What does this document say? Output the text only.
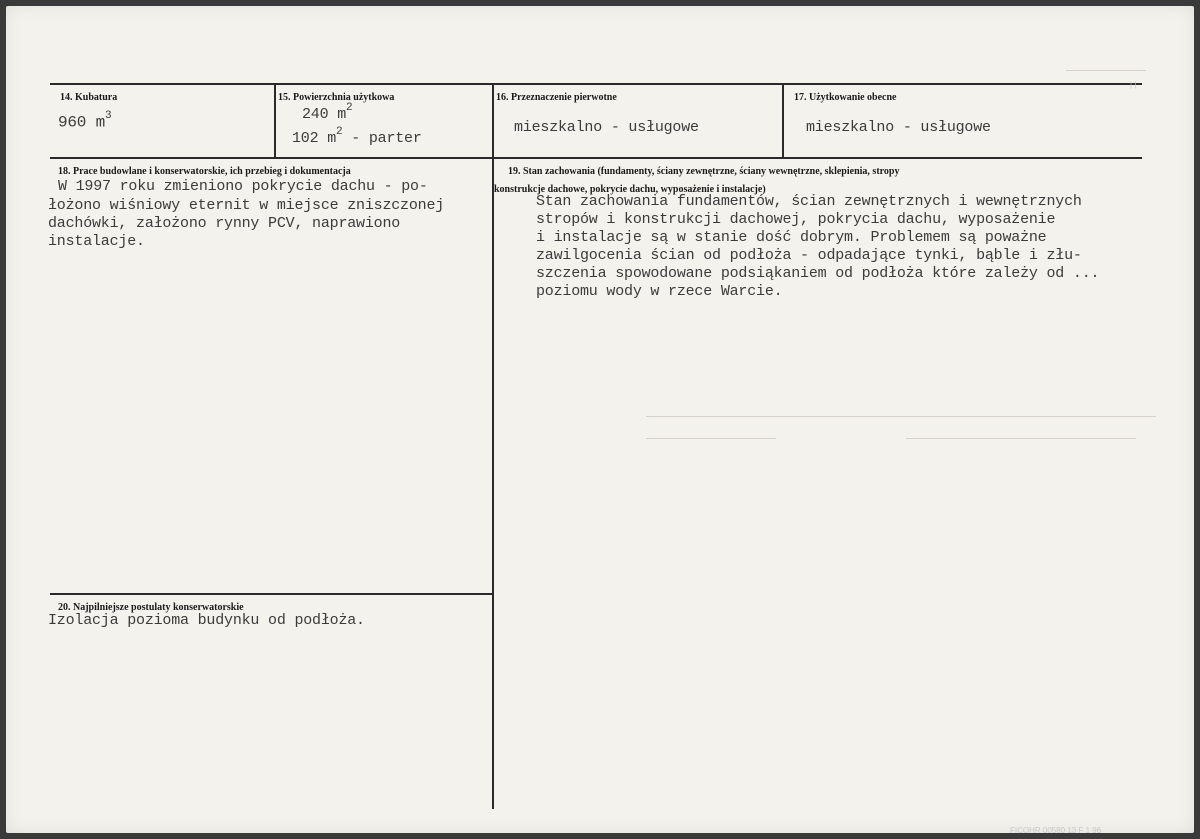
| |
FICOHR 00580 13 F 1 96
14. Kubatura
960 $m^3$
15. Powierzchnia użytkowa
240 $m^2$
102 $m^2$ - parter
16. Przeznaczenie pierwotne
mieszkalno - usługowe
17. Użytkowanie obecne
mieszkalno - usługowe
18. Prace budowlane i konserwatorskie, ich przebieg i dokumentacja
W 1997 roku zmieniono pokrycie dachu - po-
łożono wiśniowy eternit w miejsce zniszczonej
dachówki, założono rynny PCV, naprawiono
instalacje.
19. Stan zachowania (fundamenty, ściany zewnętrzne, ściany wewnętrzne, sklepienia, stropy
konstrukcje dachowe, pokrycie dachu, wyposażenie i instalacje)
Stan zachowania fundamentów, ścian zewnętrznych i wewnętrznych
stropów i konstrukcji dachowej, pokrycia dachu, wyposażenie
i instalacje są w stanie dość dobrym. Problemem są poważne
zawilgocenia ścian od podłoża - odpadające tynki, bąble i złu-
szczenia spowodowane podsiąkaniem od podłoża które zależy od ...
poziomu wody w rzece Warcie.
20. Najpilniejsze postulaty konserwatorskie
Izolacja pozioma budynku od podłoża.
